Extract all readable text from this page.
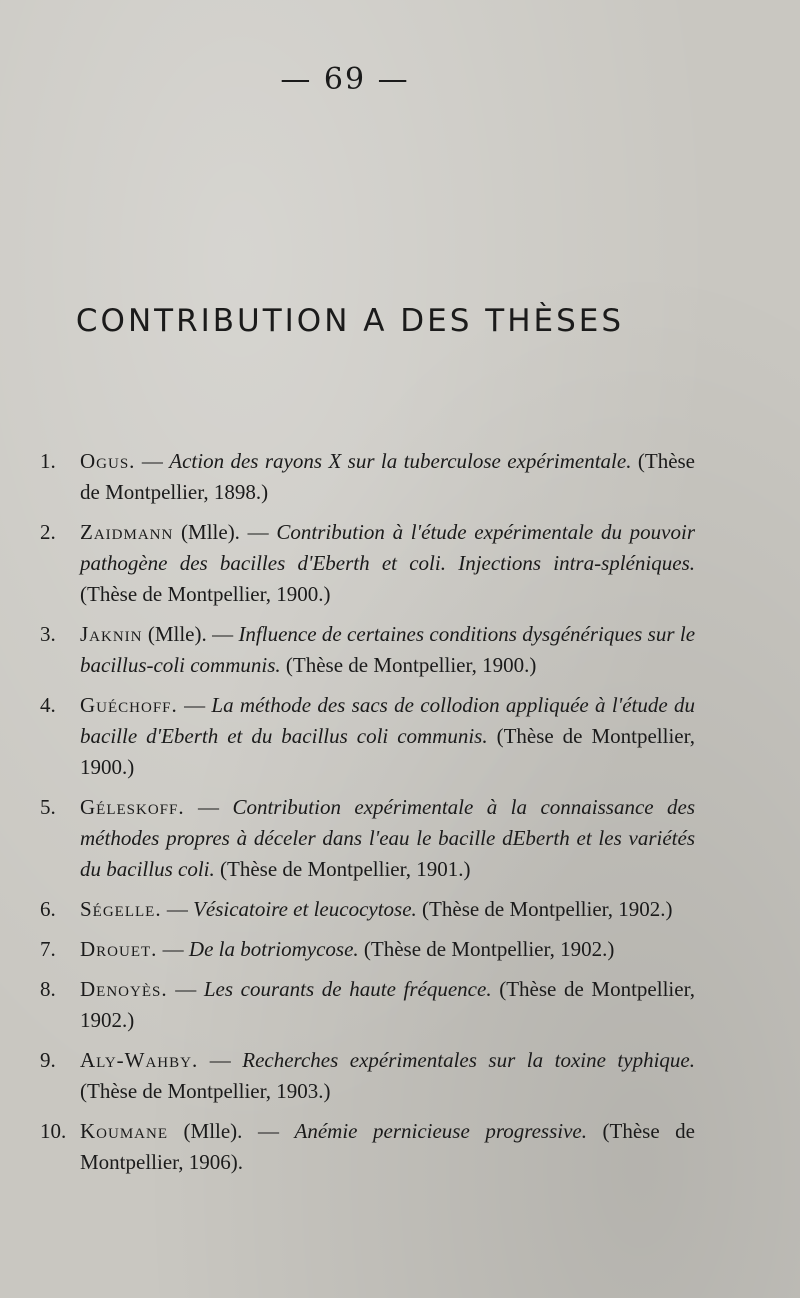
— 69 —
CONTRIBUTION A DES THÈSES
1.	Ogus. — Action des rayons X sur la tuberculose expérimentale. (Thèse de Montpellier, 1898.)
2.	Zaidmann (Mlle). — Contribution à l'étude expérimentale du pouvoir pathogène des bacilles d'Eberth et coli. Injections intra-spléniques. (Thèse de Montpellier, 1900.)
3.	Jaknin (Mlle). — Influence de certaines conditions dysgénériques sur le bacillus-coli communis. (Thèse de Montpellier, 1900.)
4.	Guéchoff. — La méthode des sacs de collodion appliquée à l'étude du bacille d'Eberth et du bacillus coli communis. (Thèse de Montpellier, 1900.)
5.	Géleskoff. — Contribution expérimentale à la connaissance des méthodes propres à déceler dans l'eau le bacille dEberth et les variétés du bacillus coli. (Thèse de Montpellier, 1901.)
6.	Ségelle. — Vésicatoire et leucocytose. (Thèse de Montpellier, 1902.)
7.	Drouet. — De la botriomycose. (Thèse de Montpellier, 1902.)
8.	Denoyès. — Les courants de haute fréquence. (Thèse de Montpellier, 1902.)
9.	Aly-Wahby. — Recherches expérimentales sur la toxine typhique. (Thèse de Montpellier, 1903.)
10. Koumane (Mlle). — Anémie pernicieuse progressive. (Thèse de Montpellier, 1906).
